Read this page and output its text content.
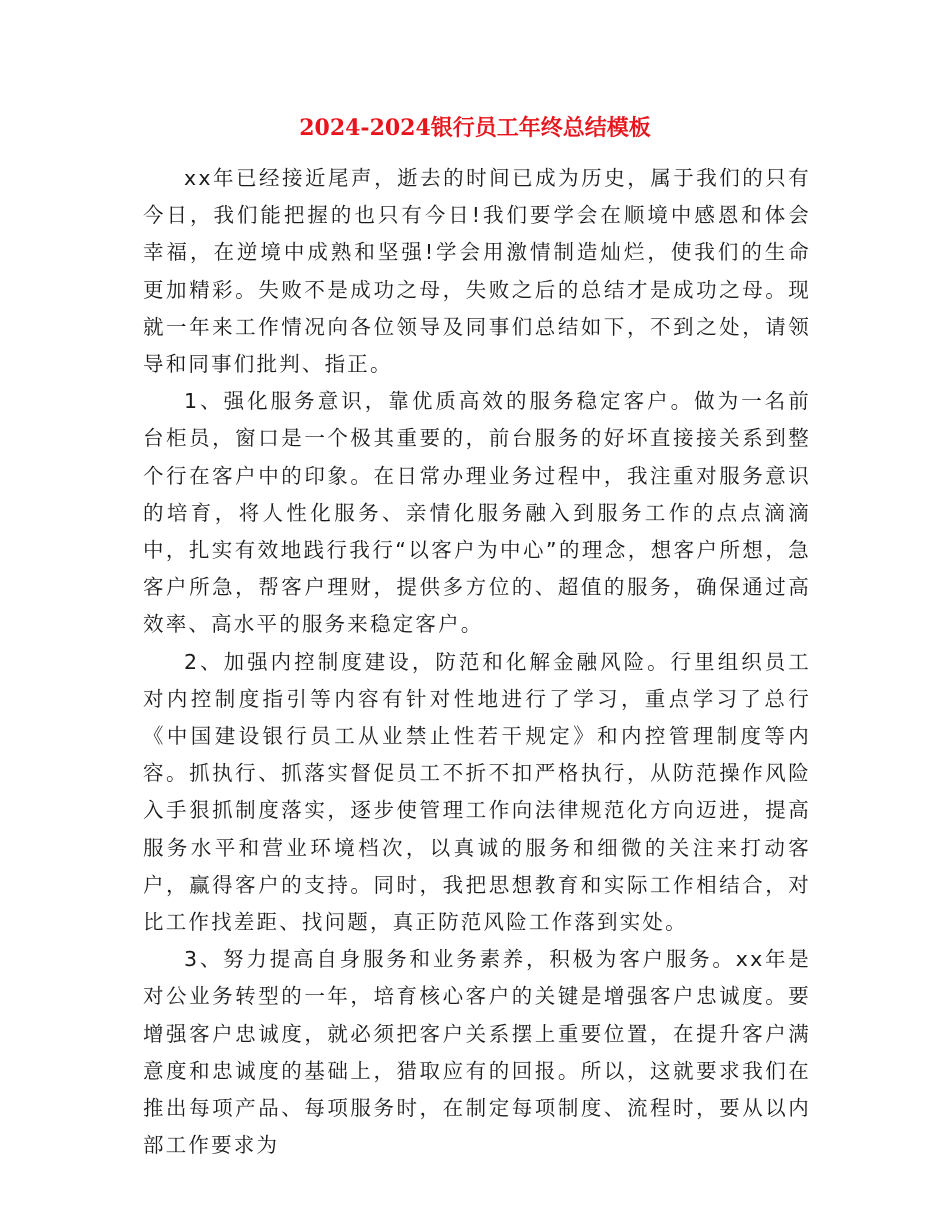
2024-2024银行员工年终总结模板

xx年已经接近尾声，逝去的时间已成为历史，属于我们的只有今日，我们能把握的也只有今日!我们要学会在顺境中感恩和体会幸福，在逆境中成熟和坚强!学会用激情制造灿烂，使我们的生命更加精彩。失败不是成功之母，失败之后的总结才是成功之母。现就一年来工作情况向各位领导及同事们总结如下，不到之处，请领导和同事们批判、指正。

1、强化服务意识，靠优质高效的服务稳定客户。做为一名前台柜员，窗口是一个极其重要的，前台服务的好坏直接接关系到整个行在客户中的印象。在日常办理业务过程中，我注重对服务意识的培育，将人性化服务、亲情化服务融入到服务工作的点点滴滴中，扎实有效地践行我行“以客户为中心”的理念，想客户所想，急客户所急，帮客户理财，提供多方位的、超值的服务，确保通过高效率、高水平的服务来稳定客户。

2、加强内控制度建设，防范和化解金融风险。行里组织员工对内控制度指引等内容有针对性地进行了学习，重点学习了总行《中国建设银行员工从业禁止性若干规定》和内控管理制度等内容。抓执行、抓落实督促员工不折不扣严格执行，从防范操作风险入手狠抓制度落实，逐步使管理工作向法律规范化方向迈进，提高服务水平和营业环境档次，以真诚的服务和细微的关注来打动客户，赢得客户的支持。同时，我把思想教育和实际工作相结合，对比工作找差距、找问题，真正防范风险工作落到实处。

3、努力提高自身服务和业务素养，积极为客户服务。xx年是对公业务转型的一年，培育核心客户的关键是增强客户忠诚度。要增强客户忠诚度，就必须把客户关系摆上重要位置，在提升客户满意度和忠诚度的基础上，猎取应有的回报。所以，这就要求我们在推出每项产品、每项服务时，在制定每项制度、流程时，要从以内部工作要求为
